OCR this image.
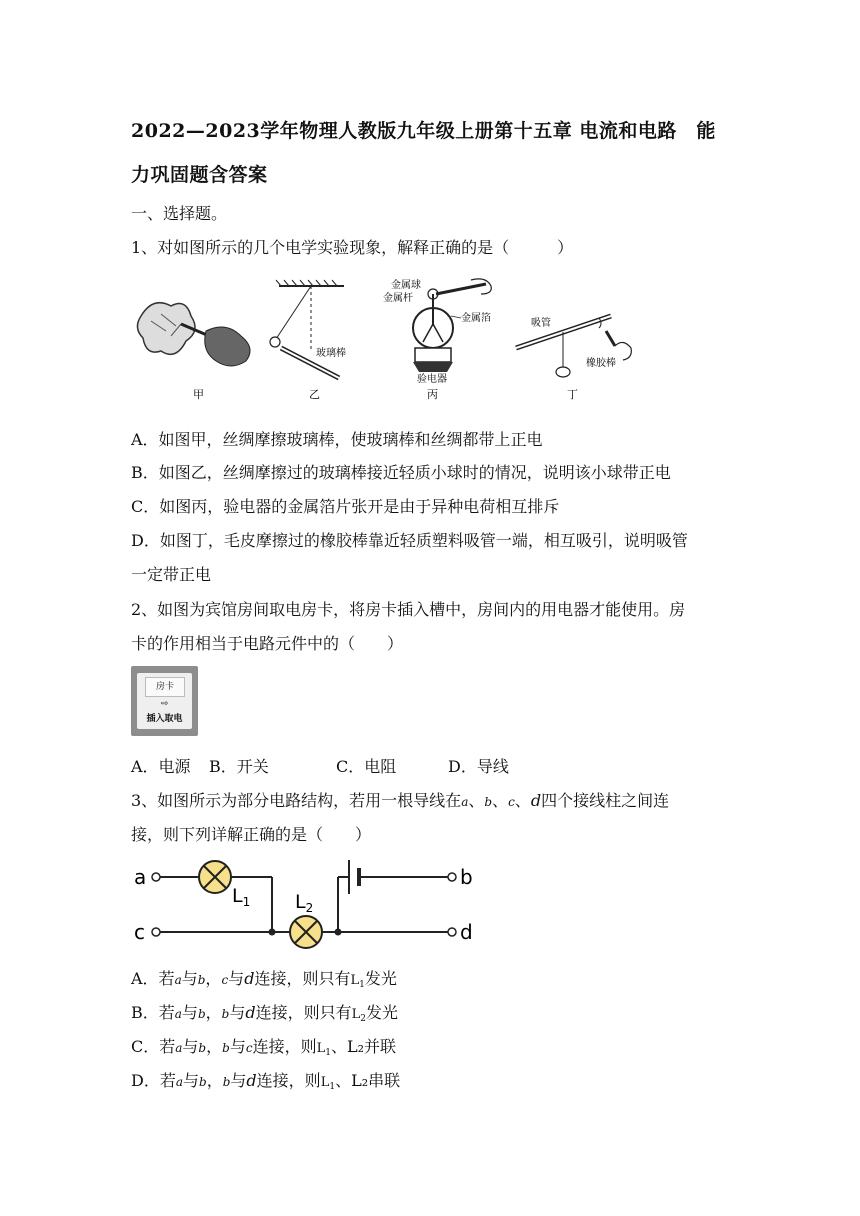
2022—2023学年物理人教版九年级上册第十五章 电流和电路　能
力巩固题含答案
一、选择题。
1、对如图所示的几个电学实验现象，解释正确的是（　　　）
甲
玻璃棒
乙
金属球
金属杆
金属箔
验电器
丙
吸管
橡胶棒
丁
A．如图甲，丝绸摩擦玻璃棒，使玻璃棒和丝绸都带上正电
B．如图乙，丝绸摩擦过的玻璃棒接近轻质小球时的情况，说明该小球带正电
C．如图丙，验电器的金属箔片张开是由于异种电荷相互排斥
D．如图丁，毛皮摩擦过的橡胶棒靠近轻质塑料吸管一端，相互吸引，说明吸管
一定带正电
2、如图为宾馆房间取电房卡，将房卡插入槽中，房间内的用电器才能使用。房
卡的作用相当于电路元件中的（　　）
房卡
⇨
插入取电
A．电源 B．开关	C．电阻	D．导线
3、如图所示为部分电路结构，若用一根导线在a、b、c、d四个接线柱之间连
接，则下列详解正确的是（　　）
a
c
b
d
$L_1$ $L_2$
A．若a与b，c与d连接，则只有$L_1$发光
B．若a与b，b与d连接，则只有$L_2$发光
C．若a与b，b与c连接，则$L_1$、L₂并联
D．若a与b，b与d连接，则$L_1$、L₂串联
